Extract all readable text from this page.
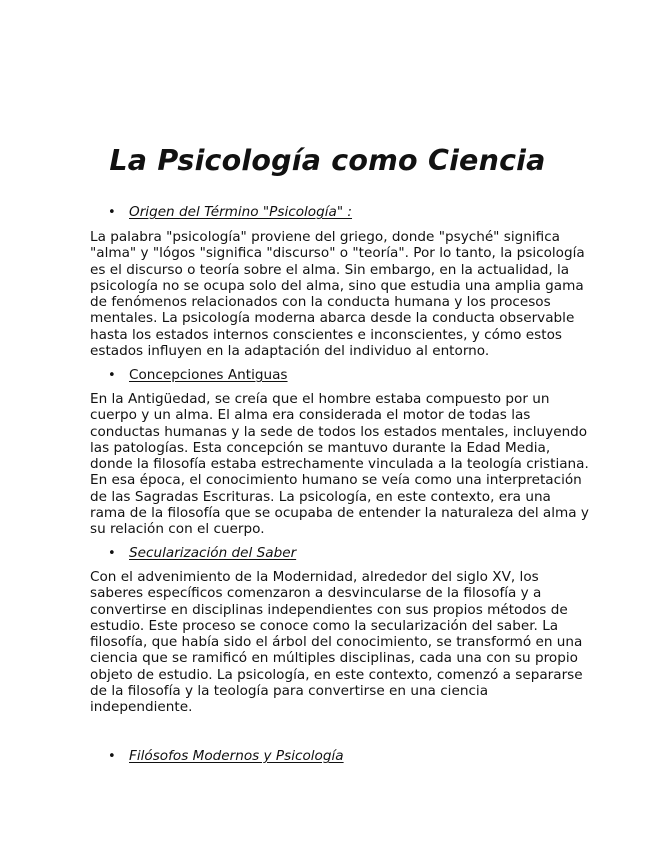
La Psicología como Ciencia

• Origen del Término "Psicología" :

La palabra "psicología" proviene del griego, donde "psyché" significa
"alma" y "lógos "significa "discurso" o "teoría". Por lo tanto, la psicología
es el discurso o teoría sobre el alma. Sin embargo, en la actualidad, la
psicología no se ocupa solo del alma, sino que estudia una amplia gama
de fenómenos relacionados con la conducta humana y los procesos
mentales. La psicología moderna abarca desde la conducta observable
hasta los estados internos conscientes e inconscientes, y cómo estos
estados influyen en la adaptación del individuo al entorno.

• Concepciones Antiguas

En la Antigüedad, se creía que el hombre estaba compuesto por un
cuerpo y un alma. El alma era considerada el motor de todas las
conductas humanas y la sede de todos los estados mentales, incluyendo
las patologías. Esta concepción se mantuvo durante la Edad Media,
donde la filosofía estaba estrechamente vinculada a la teología cristiana.
En esa época, el conocimiento humano se veía como una interpretación
de las Sagradas Escrituras. La psicología, en este contexto, era una
rama de la filosofía que se ocupaba de entender la naturaleza del alma y
su relación con el cuerpo.

• Secularización del Saber

Con el advenimiento de la Modernidad, alrededor del siglo XV, los
saberes específicos comenzaron a desvincularse de la filosofía y a
convertirse en disciplinas independientes con sus propios métodos de
estudio. Este proceso se conoce como la secularización del saber. La
filosofía, que había sido el árbol del conocimiento, se transformó en una
ciencia que se ramificó en múltiples disciplinas, cada una con su propio
objeto de estudio. La psicología, en este contexto, comenzó a separarse
de la filosofía y la teología para convertirse en una ciencia
independiente.

• Filósofos Modernos y Psicología
